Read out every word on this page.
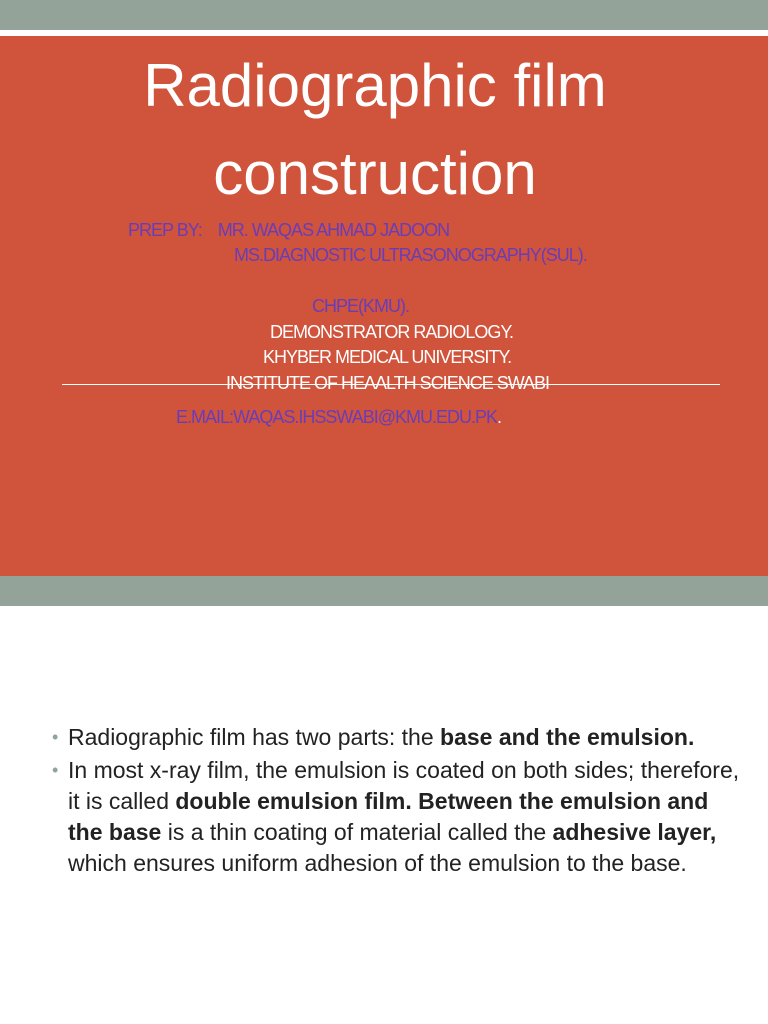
Radiographic film construction
PREP BY: MR. WAQAS AHMAD JADOON
MS.DIAGNOSTIC ULTRASONOGRAPHY(SUL).
CHPE(KMU).
DEMONSTRATOR RADIOLOGY.
KHYBER MEDICAL UNIVERSITY.
INSTITUTE OF HEAALTH SCIENCE SWABI
E.MAIL:WAQAS.IHSSWABI@KMU.EDU.PK.
• Radiographic film has two parts: the base and the emulsion.
• In most x-ray film, the emulsion is coated on both sides; therefore, it is called double emulsion film. Between the emulsion and the base is a thin coating of material called the adhesive layer, which ensures uniform adhesion of the emulsion to the base.
